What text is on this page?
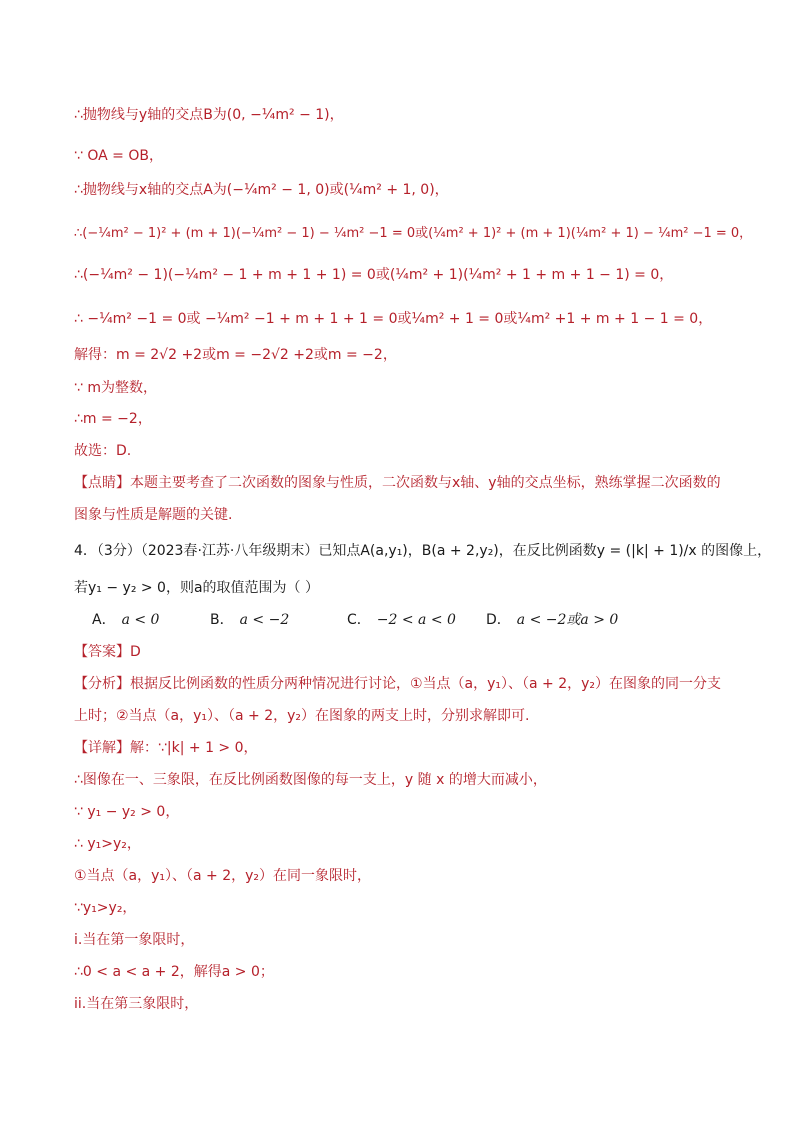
∴抛物线与y轴的交点B为(0, −¼m² − 1)，
∵ OA = OB，
∴抛物线与x轴的交点A为(−¼m² − 1, 0)或(¼m² + 1, 0)，
∴(−¼m² − 1)² + (m + 1)(−¼m² − 1) − ¼m² −1 = 0或(¼m² + 1)² + (m + 1)(¼m² + 1) − ¼m² −1 = 0，
∴(−¼m² − 1)(−¼m² − 1 + m + 1 + 1) = 0或(¼m² + 1)(¼m² + 1 + m + 1 − 1) = 0，
∴ −¼m² −1 = 0或 −¼m² −1 + m + 1 + 1 = 0或¼m² + 1 = 0或¼m² +1 + m + 1 − 1 = 0，
解得：m = 2√2 +2或m = −2√2 +2或m = −2，
∵ m为整数，
∴m = −2，
故选：D.
【点睛】本题主要考查了二次函数的图象与性质，二次函数与x轴、y轴的交点坐标，熟练掌握二次函数的
图象与性质是解题的关键.
4．（3分）（2023春·江苏·八年级期末）已知点A(a,y₁)，B(a + 2,y₂)，在反比例函数y = (|k| + 1)/x 的图像上，
若y₁ − y₂ > 0，则a的取值范围为（ ）
A． a < 0	B． a < −2	C． −2 < a < 0 D． a < −2或a > 0
【答案】D
【分析】根据反比例函数的性质分两种情况进行讨论，①当点（a，y₁）、（a + 2，y₂）在图象的同一分支
上时；②当点（a，y₁）、（a + 2，y₂）在图象的两支上时，分别求解即可.
【详解】解：∵|k| + 1 > 0，
∴图像在一、三象限，在反比例函数图像的每一支上，y 随 x 的增大而减小，
∵ y₁ − y₂ > 0，
∴ y₁>y₂，
①当点（a，y₁）、（a + 2，y₂）在同一象限时，
∵y₁>y₂，
i.当在第一象限时，
∴0 < a < a + 2，解得a > 0；
ii.当在第三象限时，
